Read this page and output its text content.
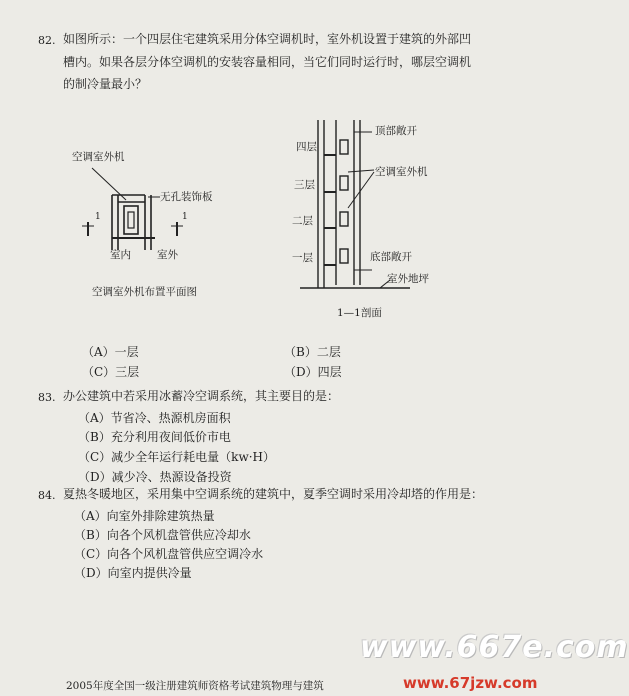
82. 如图所示：一个四层住宅建筑采用分体空调机时，室外机设置于建筑的外部凹
槽内。如果各层分体空调机的安装容量相同，当它们同时运行时，哪层空调机
的制冷量最小？
空调室外机
无孔装饰板
1	1
室内 室外
空调室外机布置平面图
四层
三层
二层
一层
顶部敞开
空调室外机
底部敞开
室外地坪
1—1剖面
（A）一层	（B）二层
（C）三层	（D）四层
83. 办公建筑中若采用冰蓄冷空调系统，其主要目的是：
（A）节省冷、热源机房面积
（B）充分利用夜间低价市电
（C）减少全年运行耗电量（kw·H）
（D）减少冷、热源设备投资
84. 夏热冬暖地区，采用集中空调系统的建筑中，夏季空调时采用冷却塔的作用是：
（A）向室外排除建筑热量
（B）向各个风机盘管供应冷却水
（C）向各个风机盘管供应空调冷水
（D）向室内提供冷量
www.667e.com
2005年度全国一级注册建筑师资格考试建筑物理与建筑	www.67jzw.com
